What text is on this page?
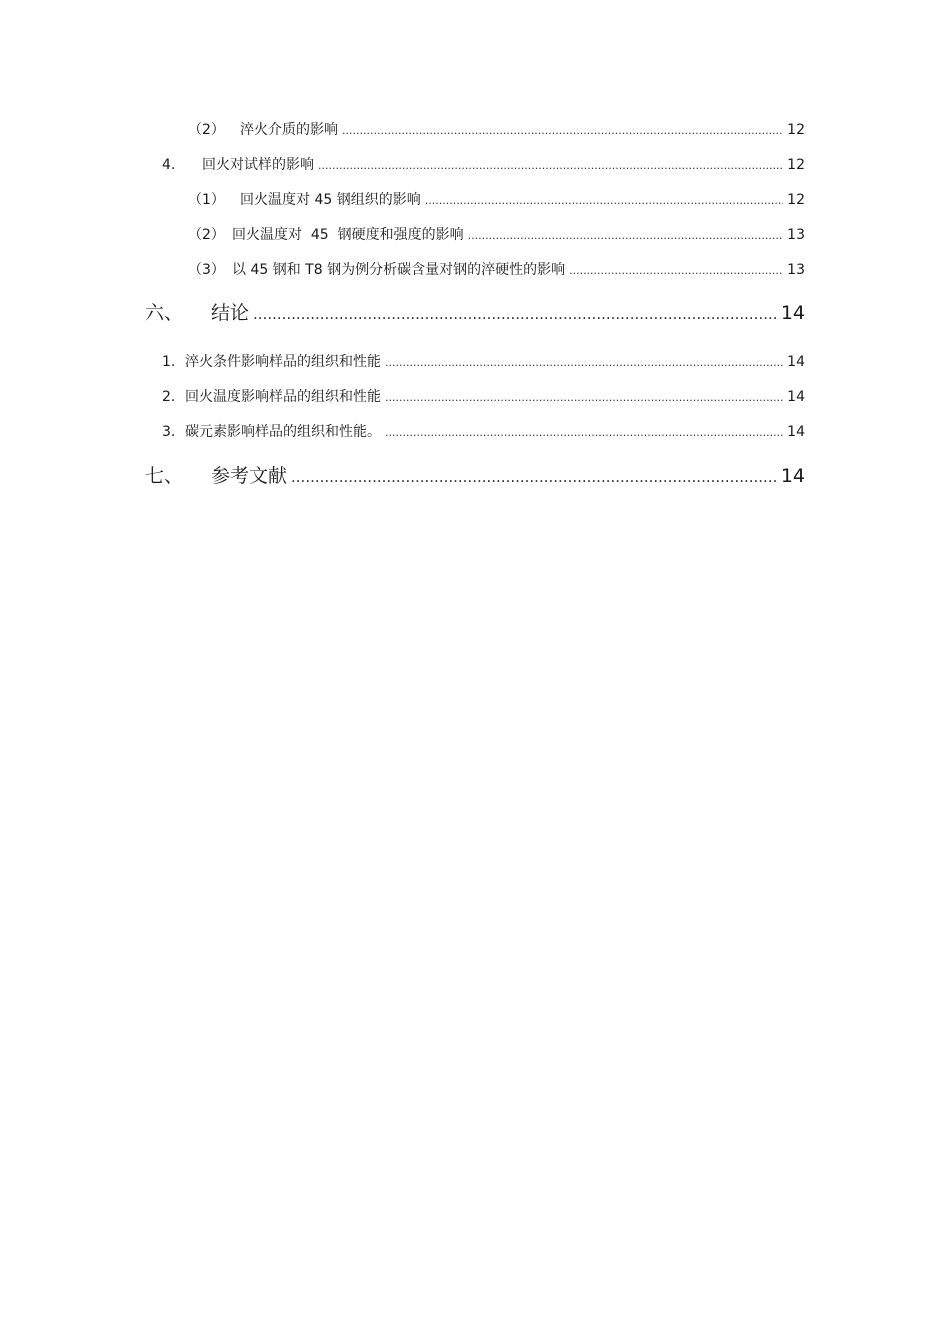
（2）	淬火介质的影响 .....	12
4.	回火对试样的影响 .....	12
（1）	回火温度对 45 钢组织的影响 .....	12
（2） 回火温度对  45  钢硬度和强度的影响 .....	13
（3） 以 45 钢和 T8 钢为例分析碳含量对钢的淬硬性的影响 .....	13
六、	结论 .....	14
1. 淬火条件影响样品的组织和性能 .....	14
2. 回火温度影响样品的组织和性能 .....	14
3. 碳元素影响样品的组织和性能。 .....	14
七、	参考文献 .....	14
